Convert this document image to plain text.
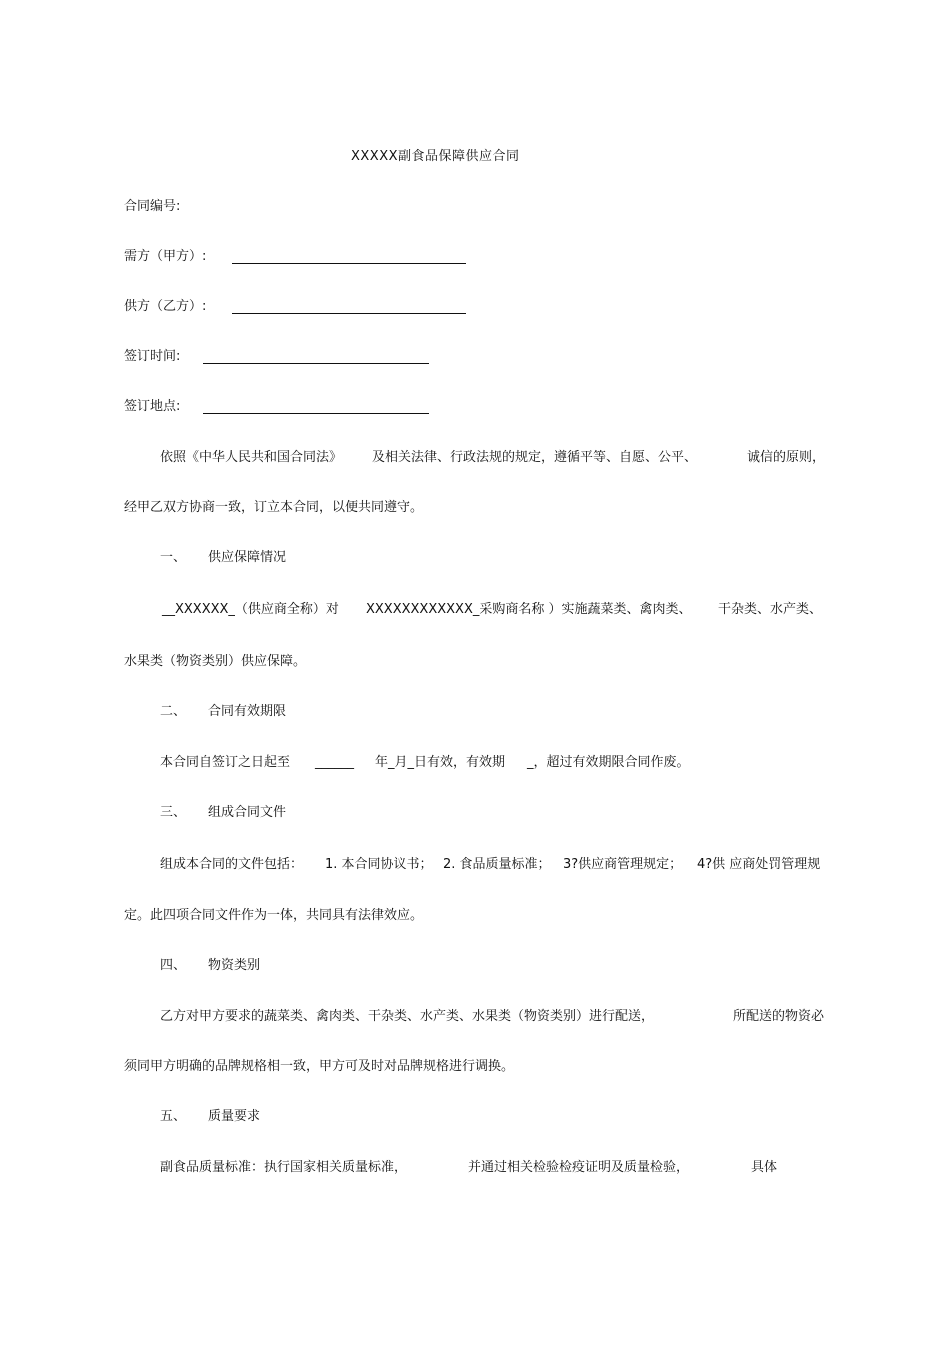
XXXXX副食品保障供应合同
合同编号:
需方（甲方）:
供方（乙方）:
签订时间:
签订地点:
依照《中华人民共和国合同法》 及相关法律、行政法规的规定，遵循平等、自愿、公平、	诚信的原则，
经甲乙双方协商一致，订立本合同，以便共同遵守。
一、 供应保障情况
__XXXXXX_（供应商全称）对 XXXXXXXXXXXX_采购商名称 ）实施蔬菜类、禽肉类、 干杂类、水产类、
水果类（物资类别）供应保障。
二、 合同有效期限
本合同自签订之日起至 ______ 年_月_日有效，有效期 _，超过有效期限合同作废。
三、 组成合同文件
组成本合同的文件包括： 1. 本合同协议书； 2. 食品质量标准； 3?供应商管理规定； 4?供 应商处罚管理规
定。此四项合同文件作为一体，共同具有法律效应。
四、 物资类别
乙方对甲方要求的蔬菜类、禽肉类、干杂类、水产类、水果类（物资类别）进行配送，	所配送的物资必
须同甲方明确的品牌规格相一致，甲方可及时对品牌规格进行调换。
五、 质量要求
副食品质量标准：执行国家相关质量标准，	并通过相关检验检疫证明及质量检验，	具体
